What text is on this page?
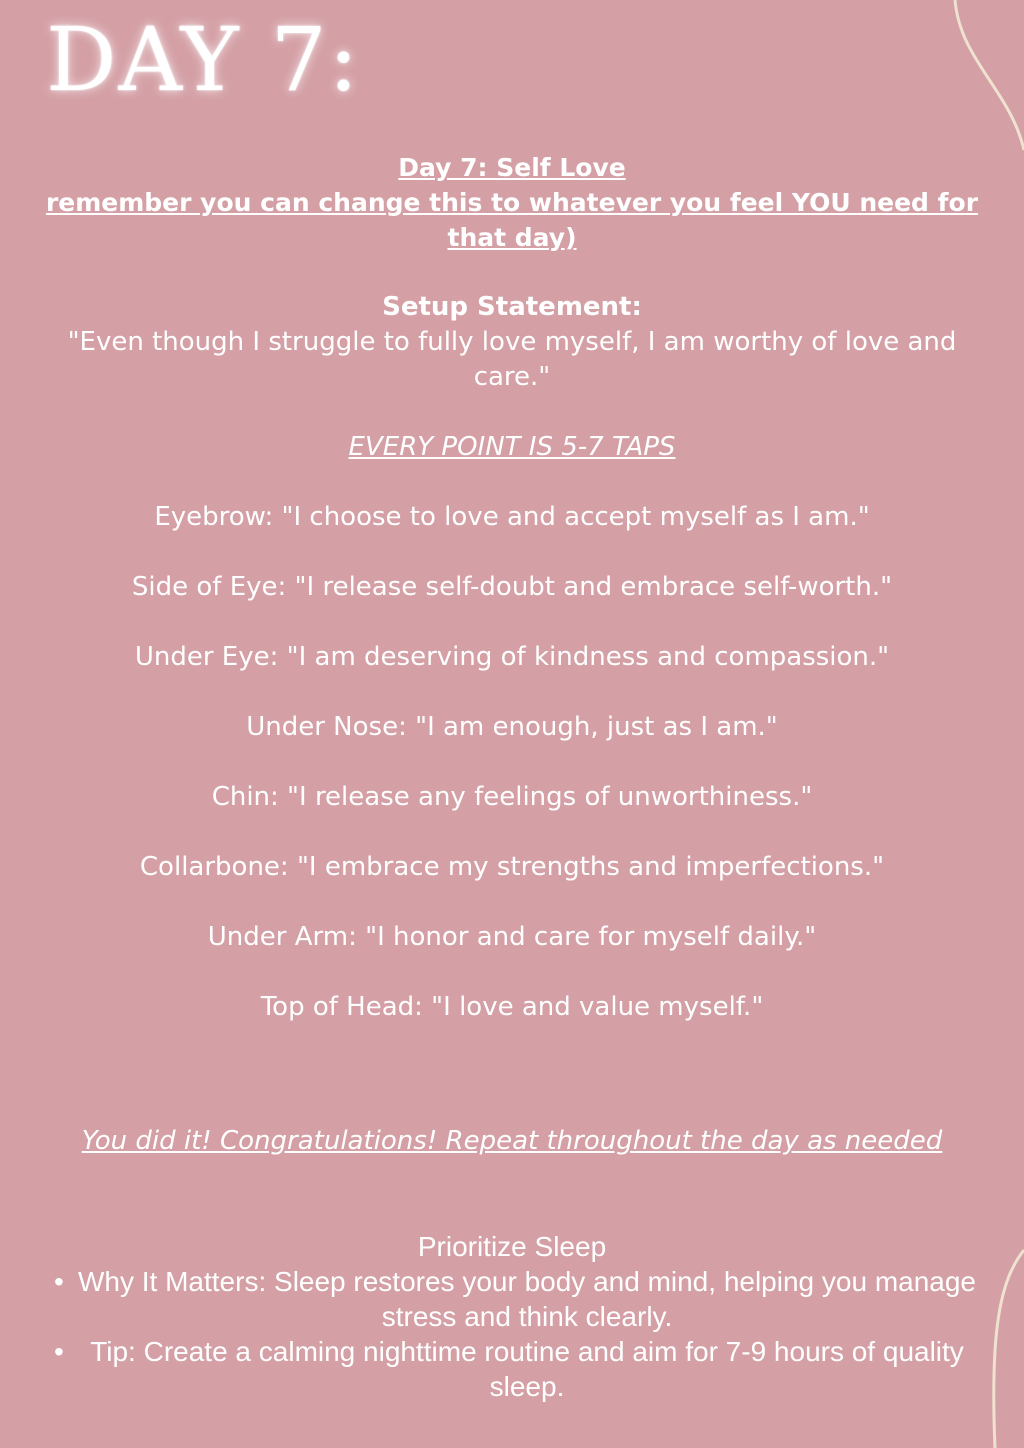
DAY 7:
Day 7: Self Love
remember you can change this to whatever you feel YOU need for that day)
Setup Statement:
"Even though I struggle to fully love myself, I am worthy of love and care."
EVERY POINT IS 5-7 TAPS
Eyebrow: "I choose to love and accept myself as I am."
Side of Eye: "I release self-doubt and embrace self-worth."
Under Eye: "I am deserving of kindness and compassion."
Under Nose: "I am enough, just as I am."
Chin: "I release any feelings of unworthiness."
Collarbone: "I embrace my strengths and imperfections."
Under Arm: "I honor and care for myself daily."
Top of Head: "I love and value myself."
You did it! Congratulations! Repeat throughout the day as needed
Prioritize Sleep
• Why It Matters: Sleep restores your body and mind, helping you manage stress and think clearly.
• Tip: Create a calming nighttime routine and aim for 7-9 hours of quality sleep.
